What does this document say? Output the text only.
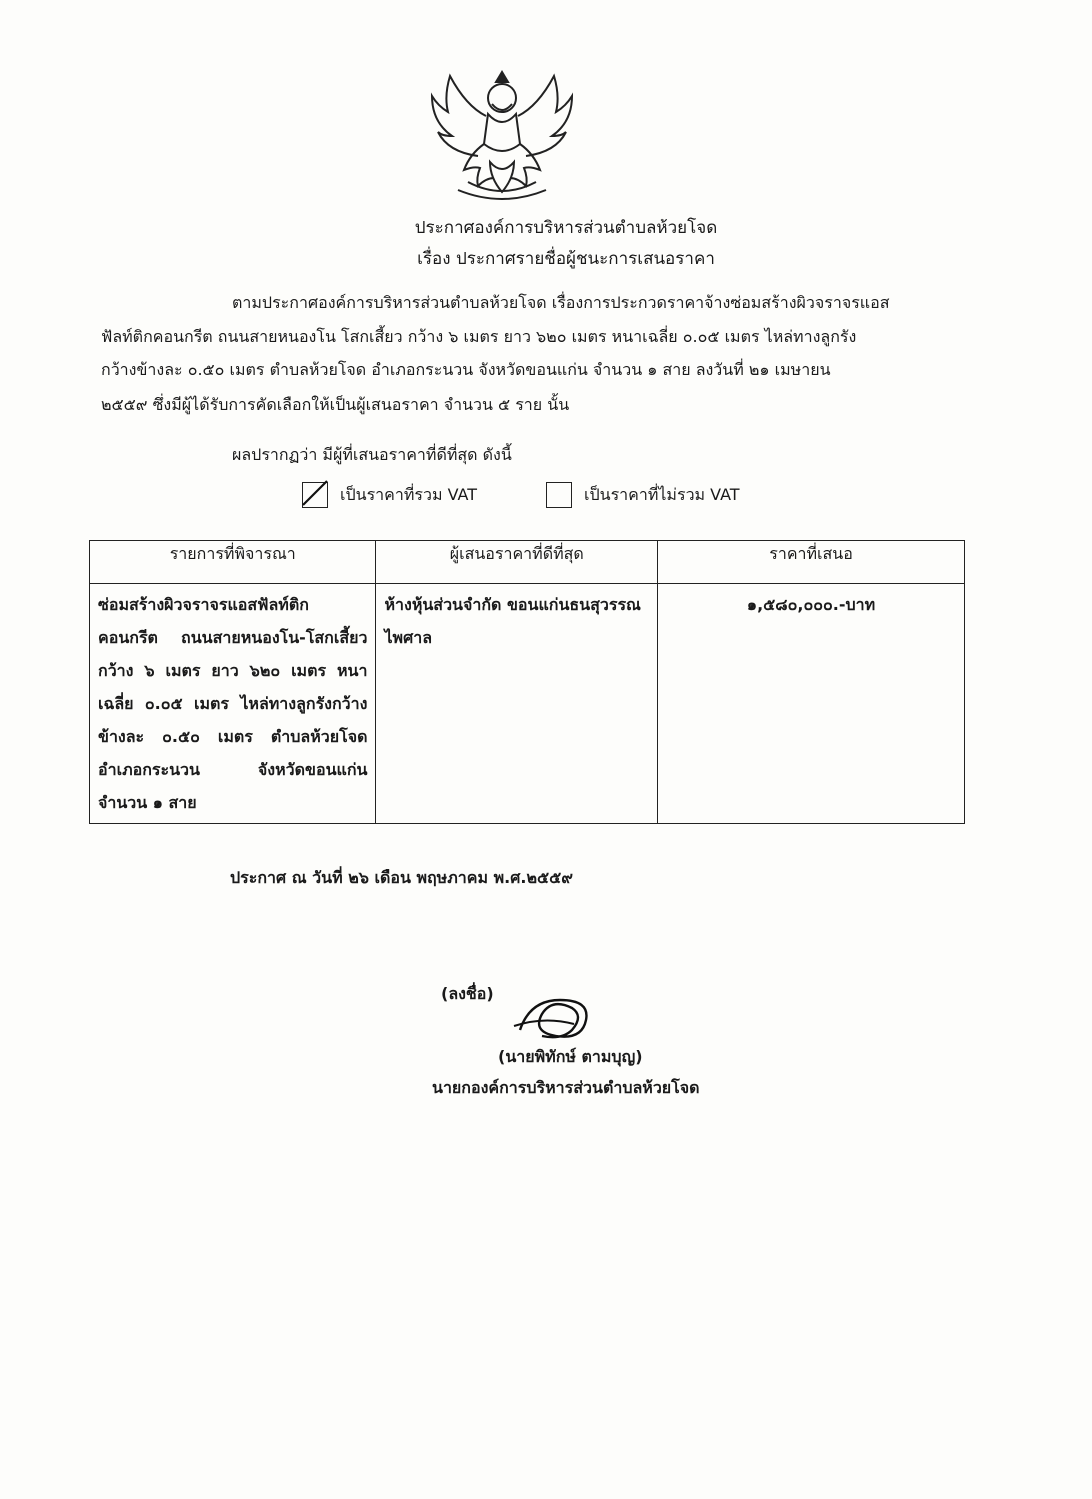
ประกาศองค์การบริหารส่วนตำบลห้วยโจด
เรื่อง ประกาศรายชื่อผู้ชนะการเสนอราคา
ตามประกาศองค์การบริหารส่วนตำบลห้วยโจด เรื่องการประกวดราคาจ้างซ่อมสร้างผิวจราจรแอส
ฟัลท์ติกคอนกรีต ถนนสายหนองโน โสกเสี้ยว กว้าง ๖ เมตร ยาว ๖๒๐ เมตร หนาเฉลี่ย ๐.๐๕ เมตร ไหล่ทางลูกรัง
กว้างข้างละ ๐.๕๐ เมตร ตำบลห้วยโจด อำเภอกระนวน จังหวัดขอนแก่น จำนวน ๑ สาย ลงวันที่ ๒๑ เมษายน
๒๕๕๙ ซึ่งมีผู้ได้รับการคัดเลือกให้เป็นผู้เสนอราคา จำนวน ๕ ราย นั้น
ผลปรากฏว่า มีผู้ที่เสนอราคาที่ดีที่สุด ดังนี้
เป็นราคาที่รวม VAT	เป็นราคาที่ไม่รวม VAT
รายการที่พิจารณา	ผู้เสนอราคาที่ดีที่สุด	ราคาที่เสนอ

ซ่อมสร้างผิวจราจรแอสฟัลท์ติกคอนกรีต ถนนสายหนองโน-โสกเสี้ยว กว้าง ๖ เมตร ยาว ๖๒๐ เมตร หนาเฉลี่ย ๐.๐๕ เมตร ไหล่ทางลูกรังกว้างข้างละ ๐.๕๐ เมตร ตำบลห้วยโจด อำเภอกระนวน จังหวัดขอนแก่น จำนวน ๑ สาย	ห้างหุ้นส่วนจำกัด ขอนแก่นธนสุวรรณไพศาล	๑,๕๘๐,๐๐๐.-บาท
ประกาศ ณ วันที่ ๒๖ เดือน พฤษภาคม พ.ศ.๒๕๕๙
(ลงชื่อ)
(นายพิทักษ์ ตามบุญ)
นายกองค์การบริหารส่วนตำบลห้วยโจด
